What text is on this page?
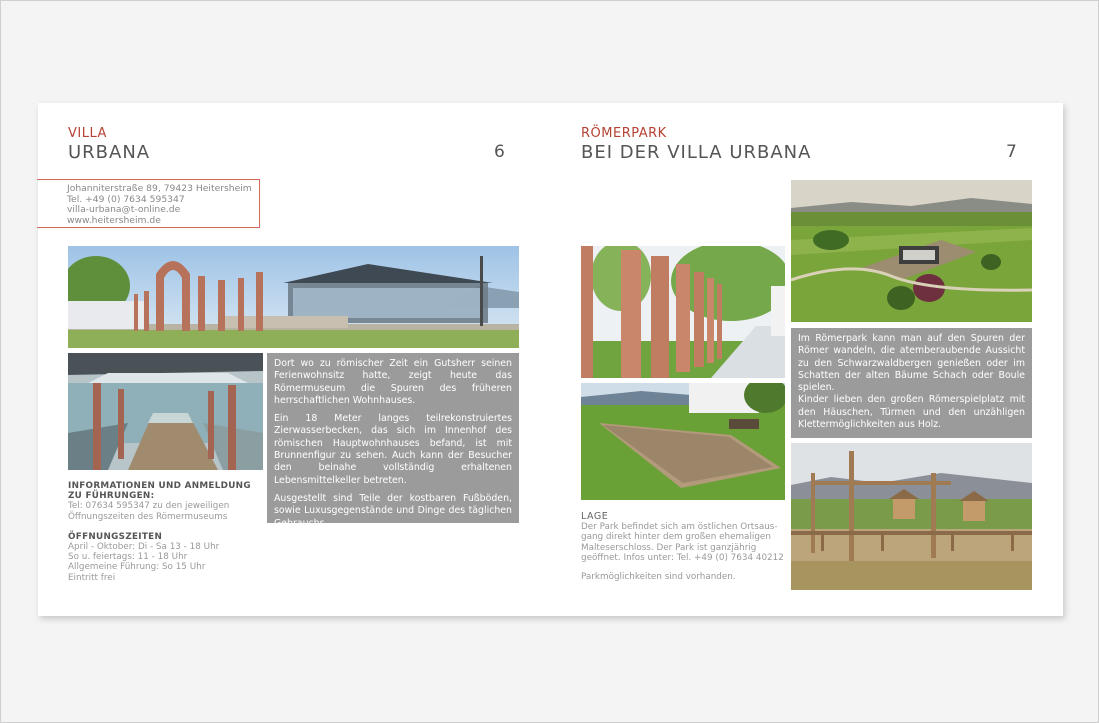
VILLA
URBANA	6
Johanniterstraße 89, 79423 Heitersheim
Tel. +49 (0) 7634 595347
villa-urbana@t-online.de
www.heitersheim.de

Dort wo zu römischer Zeit ein Gutsherr seinen Ferienwohnsitz hatte, zeigt heute das Römermuseum die Spuren des früheren herrschaftlichen Wohnhauses.

Ein 18 Meter langes teilrekonstruiertes Zierwasserbecken, das sich im Innenhof des römischen Hauptwohnhauses befand, ist mit Brunnenfigur zu sehen. Auch kann der Besucher den beinahe vollständig erhaltenen Lebensmittelkeller betreten.

Ausgestellt sind Teile der kostbaren Fußböden, sowie Luxusgegenstände und Dinge des täglichen Gebrauchs.

INFORMATIONEN UND ANMELDUNG
ZU FÜHRUNGEN:
Tel: 07634 595347 zu den jeweiligen
Öffnungszeiten des Römermuseums
ÖFFNUNGSZEITEN
April - Oktober: Di - Sa 13 - 18 Uhr
So u. feiertags: 11 - 18 Uhr
Allgemeine Führung: So 15 Uhr
Eintritt frei
RÖMERPARK
BEI DER VILLA URBANA	7
Im Römerpark kann man auf den Spuren der Römer wandeln, die atemberaubende Aussicht zu den Schwarzwaldbergen genießen oder im Schatten der alten Bäume Schach oder Boule spielen.
Kinder lieben den großen Römerspielplatz mit den Häuschen, Türmen und den unzähligen Klettermöglichkeiten aus Holz.
LAGE
Der Park befindet sich am östlichen Ortsaus-
gang direkt hinter dem großen ehemaligen
Malteserschloss. Der Park ist ganzjährig
geöffnet. Infos unter: Tel. +49 (0) 7634 40212
Parkmöglichkeiten sind vorhanden.
